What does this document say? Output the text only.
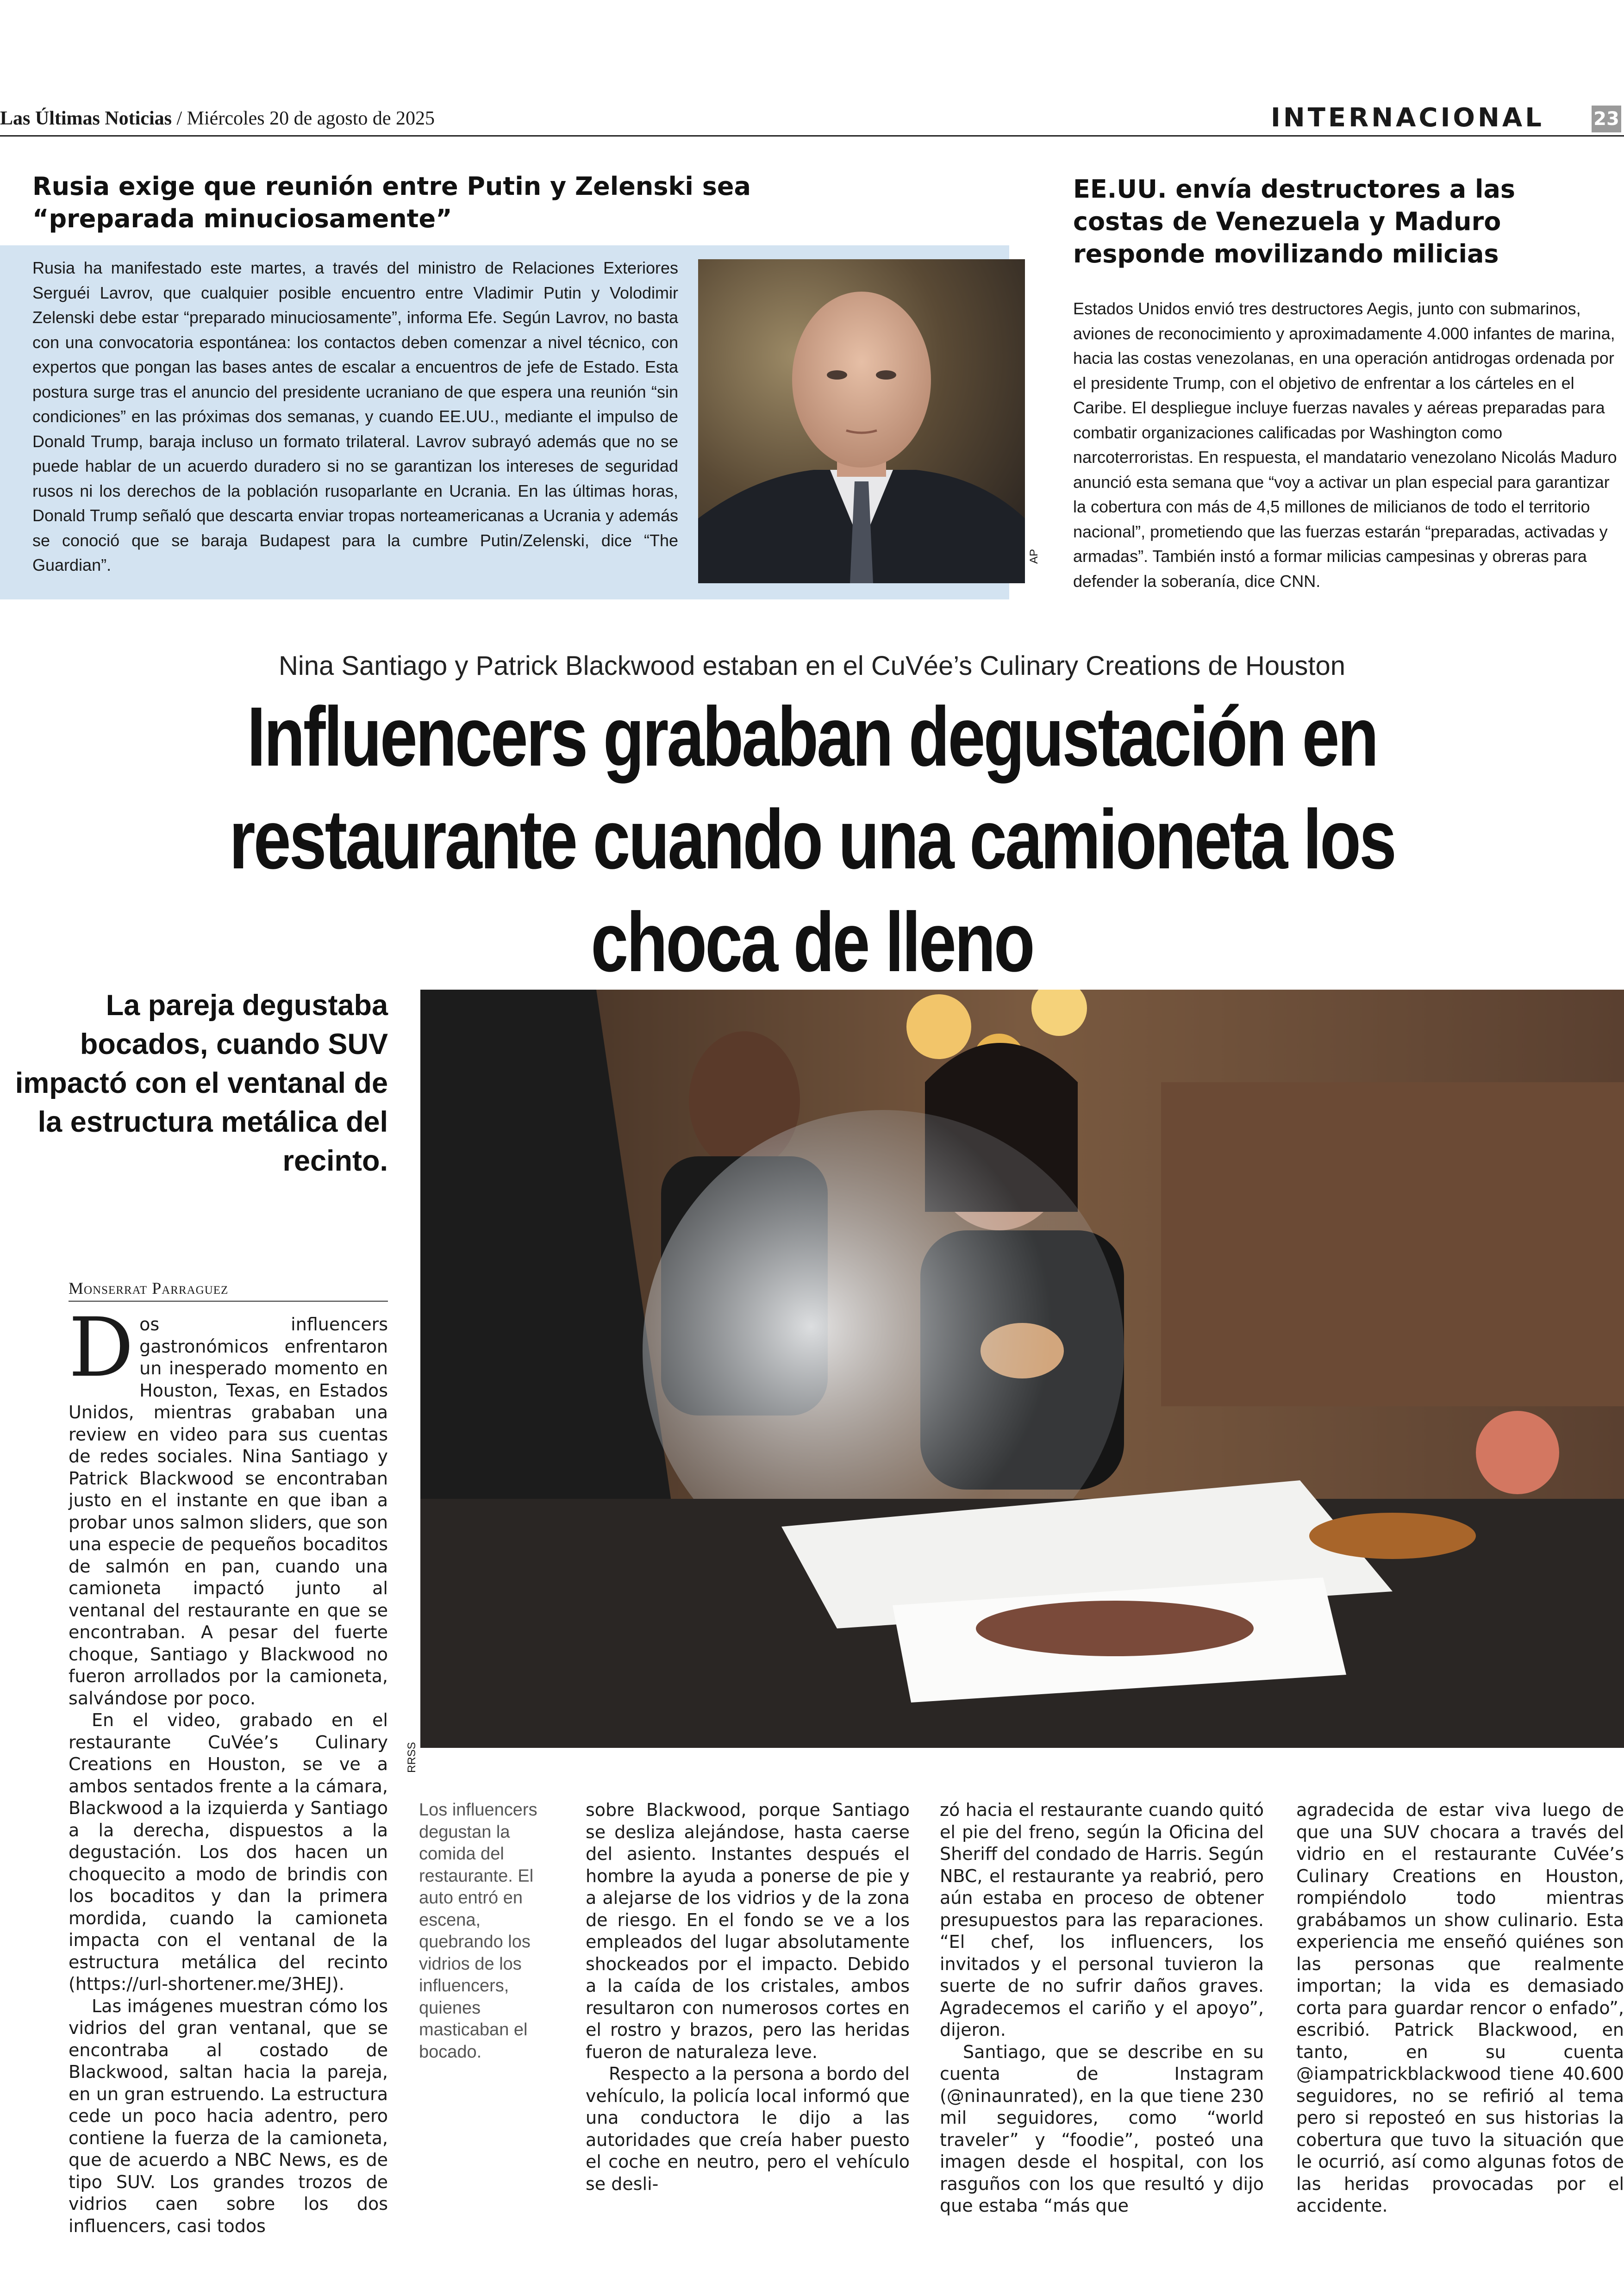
Las Últimas Noticias / Miércoles 20 de agosto de 2025	INTERNACIONAL	23
Rusia exige que reunión entre Putin y Zelenski sea “preparada minuciosamente”
Rusia ha manifestado este martes, a través del ministro de Relaciones Exteriores Serguéi Lavrov, que cualquier posible encuentro entre Vladimir Putin y Volodimir Zelenski debe estar “preparado minuciosamente”, informa Efe. Según Lavrov, no basta con una convocatoria espontánea: los contactos deben comenzar a nivel técnico, con expertos que pongan las bases antes de escalar a encuentros de jefe de Estado. Esta postura surge tras el anuncio del presidente ucraniano de que espera una reunión “sin condiciones” en las próximas dos semanas, y cuando EE.UU., mediante el impulso de Donald Trump, baraja incluso un formato trilateral. Lavrov subrayó además que no se puede hablar de un acuerdo duradero si no se garantizan los intereses de seguridad rusos ni los derechos de la población rusoparlante en Ucrania. En las últimas horas, Donald Trump señaló que descarta enviar tropas norteamericanas a Ucrania y además se conoció que se baraja Budapest para la cumbre Putin/Zelenski, dice “The Guardian”.	AP
EE.UU. envía destructores a las costas de Venezuela y Maduro responde movilizando milicias
Estados Unidos envió tres destructores Aegis, junto con submarinos, aviones de reconocimiento y aproximadamente 4.000 infantes de marina, hacia las costas venezolanas, en una operación antidrogas ordenada por el presidente Trump, con el objetivo de enfrentar a los cárteles en el Caribe. El despliegue incluye fuerzas navales y aéreas preparadas para combatir organizaciones calificadas por Washington como narcoterroristas. En respuesta, el mandatario venezolano Nicolás Maduro anunció esta semana que “voy a activar un plan especial para garantizar la cobertura con más de 4,5 millones de milicianos de todo el territorio nacional”, prometiendo que las fuerzas estarán “preparadas, activadas y armadas”. También instó a formar milicias campesinas y obreras para defender la soberanía, dice CNN.
Nina Santiago y Patrick Blackwood estaban en el CuVée’s Culinary Creations de Houston
Influencers grababan degustación en restaurante cuando una camioneta los choca de lleno
La pareja degustaba bocados, cuando SUV impactó con el ventanal de la estructura metálica del recinto.
RRSS
Monserrat Parraguez

Dos influencers gastronómicos enfrentaron un inesperado momento en Houston, Texas, en Estados Unidos, mientras grababan una review en video para sus cuentas de redes sociales. Nina Santiago y Patrick Blackwood se encontraban justo en el instante en que iban a probar unos salmon sliders, que son una especie de pequeños bocaditos de salmón en pan, cuando una camioneta impactó junto al ventanal del restaurante en que se encontraban. A pesar del fuerte choque, Santiago y Blackwood no fueron arrollados por la camioneta, salvándose por poco.

En el video, grabado en el restaurante CuVée’s Culinary Creations en Houston, se ve a ambos sentados frente a la cámara, Blackwood a la izquierda y Santiago a la derecha, dispuestos a la degustación. Los dos hacen un choquecito a modo de brindis con los bocaditos y dan la primera mordida, cuando la camioneta impacta con el ventanal de la estructura metálica del recinto (https://url-shortener.me/3HEJ).

Las imágenes muestran cómo los vidrios del gran ventanal, que se encontraba al costado de Blackwood, saltan hacia la pareja, en un gran estruendo. La estructura cede un poco hacia adentro, pero contiene la fuerza de la camioneta, que de acuerdo a NBC News, es de tipo SUV. Los grandes trozos de vidrios caen sobre los dos influencers, casi todos

Los influencers degustan la comida del restaurante. El auto entró en escena, quebrando los vidrios de los influencers, quienes masticaban el bocado.

sobre Blackwood, porque Santiago se desliza alejándose, hasta caerse del asiento. Instantes después el hombre la ayuda a ponerse de pie y a alejarse de los vidrios y de la zona de riesgo. En el fondo se ve a los empleados del lugar absolutamente shockeados por el impacto. Debido a la caída de los cristales, ambos resultaron con numerosos cortes en el rostro y brazos, pero las heridas fueron de naturaleza leve.

Respecto a la persona a bordo del vehículo, la policía local informó que una conductora le dijo a las autoridades que creía haber puesto el coche en neutro, pero el vehículo se desli-

zó hacia el restaurante cuando quitó el pie del freno, según la Oficina del Sheriff del condado de Harris. Según NBC, el restaurante ya reabrió, pero aún estaba en proceso de obtener presupuestos para las reparaciones. “El chef, los influencers, los invitados y el personal tuvieron la suerte de no sufrir daños graves. Agradecemos el cariño y el apoyo”, dijeron.

Santiago, que se describe en su cuenta de Instagram (@ninaunrated), en la que tiene 230 mil seguidores, como “world traveler” y “foodie”, posteó una imagen desde el hospital, con los rasguños con los que resultó y dijo que estaba “más que

agradecida de estar viva luego de que una SUV chocara a través del vidrio en el restaurante CuVée’s Culinary Creations en Houston, rompiéndolo todo mientras grabábamos un show culinario. Esta experiencia me enseñó quiénes son las personas que realmente importan; la vida es demasiado corta para guardar rencor o enfado”, escribió. Patrick Blackwood, en tanto, en su cuenta @iampatrickblackwood tiene 40.600 seguidores, no se refirió al tema pero si reposteó en sus historias la cobertura que tuvo la situación que le ocurrió, así como algunas fotos de las heridas provocadas por el accidente.
